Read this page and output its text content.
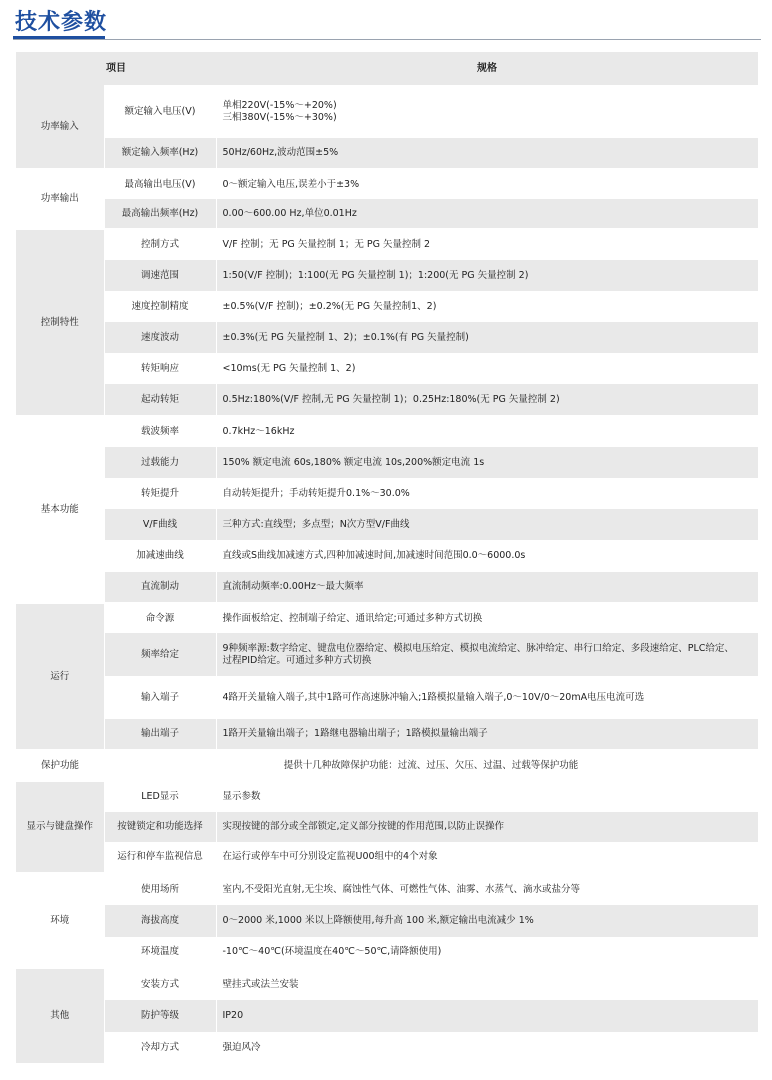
技术参数
项目		规格
功率输入	额定输入电压(V)	单相220V(-15%～+20%)
三相380V(-15%～+30%)

	额定输入频率(Hz)	50Hz/60Hz,波动范围±5%

功率输出	最高输出电压(V)	0～额定输入电压,误差小于±3%

	最高输出频率(Hz)	0.00～600.00 Hz,单位0.01Hz

控制特性	控制方式	V/F 控制；无 PG 矢量控制 1；无 PG 矢量控制 2

	调速范围	1:50(V/F 控制)；1:100(无 PG 矢量控制 1)；1:200(无 PG 矢量控制 2)

	速度控制精度	±0.5%(V/F 控制)；±0.2%(无 PG 矢量控制1、2)

	速度波动	±0.3%(无 PG 矢量控制 1、2)；±0.1%(有 PG 矢量控制)

	转矩响应	<10ms(无 PG 矢量控制 1、2)

	起动转矩	0.5Hz:180%(V/F 控制,无 PG 矢量控制 1)；0.25Hz:180%(无 PG 矢量控制 2)

基本功能	载波频率	0.7kHz～16kHz

	过载能力	150% 额定电流 60s,180% 额定电流 10s,200%额定电流 1s

	转矩提升	自动转矩提升；手动转矩提升0.1%～30.0%

	V/F曲线	三种方式:直线型；多点型；N次方型V/F曲线

	加减速曲线	直线或S曲线加减速方式,四种加减速时间,加减速时间范围0.0～6000.0s

	直流制动	直流制动频率:0.00Hz～最大频率

运行	命令源	操作面板给定、控制端子给定、通讯给定;可通过多种方式切换

	频率给定	9种频率源:数字给定、键盘电位器给定、模拟电压给定、模拟电流给定、脉冲给定、串行口给定、多段速给定、PLC给定、
过程PID给定。可通过多种方式切换

	输入端子	4路开关量输入端子,其中1路可作高速脉冲输入;1路模拟量输入端子,0～10V/0～20mA电压电流可选

	输出端子	1路开关量输出端子；1路继电器输出端子；1路模拟量输出端子

保护功能	提供十几种故障保护功能：过流、过压、欠压、过温、过载等保护功能	
显示与键盘操作	LED显示	显示参数

	按键锁定和功能选择	实现按键的部分或全部锁定,定义部分按键的作用范围,以防止误操作

	运行和停车监视信息	在运行或停车中可分别设定监视U00组中的4个对象

环境	使用场所	室内,不受阳光直射,无尘埃、腐蚀性气体、可燃性气体、油雾、水蒸气、滴水或盐分等

	海拔高度	0～2000 米,1000 米以上降额使用,每升高 100 米,额定输出电流减少 1%

	环境温度	-10℃～40℃(环境温度在40℃～50℃,请降额使用)

其他	安装方式	壁挂式或法兰安装

	防护等级	IP20

	冷却方式	强迫风冷
